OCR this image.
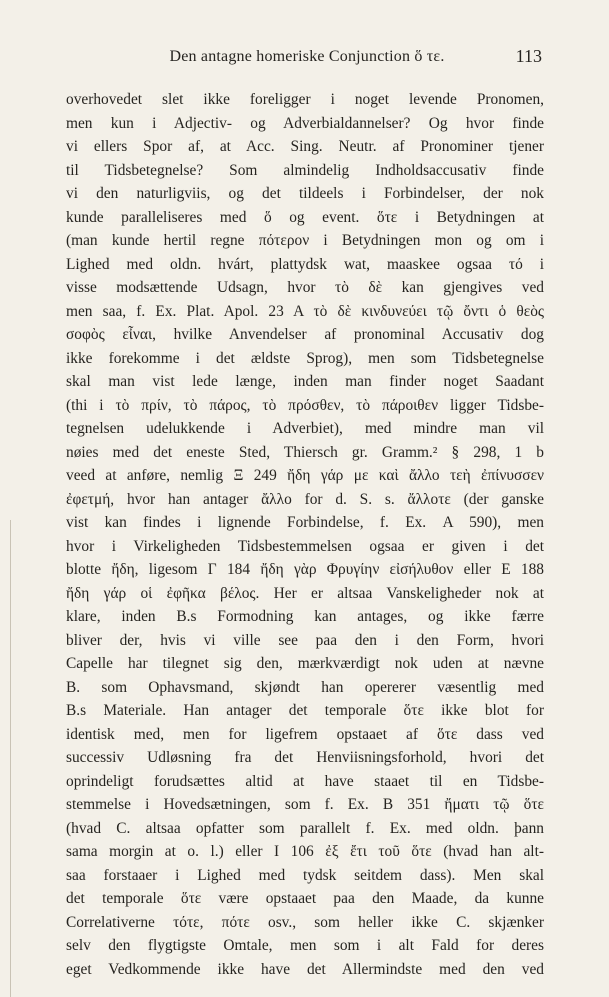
Den antagne homeriske Conjunction ὅ τε.	113
overhovedet slet ikke foreligger i noget levende Pronomen,
men kun i Adjectiv- og Adverbialdannelser? Og hvor finde
vi ellers Spor af, at Acc. Sing. Neutr. af Pronominer tjener
til Tidsbetegnelse? Som almindelig Indholdsaccusativ finde
vi den naturligviis, og det tildeels i Forbindelser, der nok
kunde paralleliseres med ὅ og event. ὅτε i Betydningen at
(man kunde hertil regne πότερον i Betydningen mon og om i
Lighed med oldn. hvárt, plattydsk wat, maaskee ogsaa τό i
visse modsættende Udsagn, hvor τὸ δὲ kan gjengives ved
men saa, f. Ex. Plat. Apol. 23 A τὸ δὲ κινδυνεύει τῷ ὄντι ὁ θεὸς
σοφὸς εἶναι, hvilke Anvendelser af pronominal Accusativ dog
ikke forekomme i det ældste Sprog), men som Tidsbetegnelse
skal man vist lede længe, inden man finder noget Saadant
(thi i τὸ πρίν, τὸ πάρος, τὸ πρόσθεν, τὸ πάροιθεν ligger Tidsbe-
tegnelsen udelukkende i Adverbiet), med mindre man vil
nøies med det eneste Sted, Thiersch gr. Gramm.² § 298, 1 b
veed at anføre, nemlig Ξ 249 ἤδη γάρ με καὶ ἄλλο τεὴ ἐπίνυσσεν
ἐφετμή, hvor han antager ἄλλο for d. S. s. ἄλλοτε (der ganske
vist kan findes i lignende Forbindelse, f. Ex. Α 590), men
hvor i Virkeligheden Tidsbestemmelsen ogsaa er given i det
blotte ἤδη, ligesom Γ 184 ἤδη γὰρ Φρυγίην εἰσήλυθον eller Ε 188
ἤδη γάρ οἱ ἐφῆκα βέλος. Her er altsaa Vanskeligheder nok at
klare, inden B.s Formodning kan antages, og ikke færre
bliver der, hvis vi ville see paa den i den Form, hvori
Capelle har tilegnet sig den, mærkværdigt nok uden at nævne
B. som Ophavsmand, skjøndt han opererer væsentlig med
B.s Materiale. Han antager det temporale ὅτε ikke blot for
identisk med, men for ligefrem opstaaet af ὅτε dass ved
successiv Udløsning fra det Henviisningsforhold, hvori det
oprindeligt forudsættes altid at have staaet til en Tidsbe-
stemmelse i Hovedsætningen, som f. Ex. Β 351 ἤματι τῷ ὅτε
(hvad C. altsaa opfatter som parallelt f. Ex. med oldn. þann
sama morgin at o. l.) eller Ι 106 ἐξ ἔτι τοῦ ὅτε (hvad han alt-
saa forstaaer i Lighed med tydsk seitdem dass). Men skal
det temporale ὅτε være opstaaet paa den Maade, da kunne
Correlativerne τότε, πότε osv., som heller ikke C. skjænker
selv den flygtigste Omtale, men som i alt Fald for deres
eget Vedkommende ikke have det Allermindste med den ved
